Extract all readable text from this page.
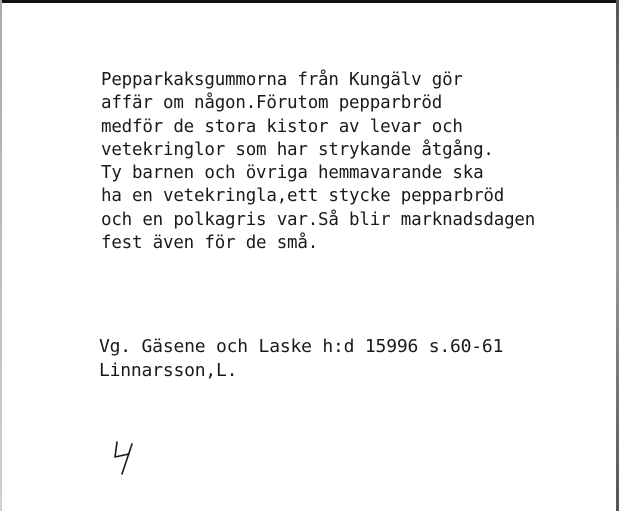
Pepparkaksgummorna från Kungälv gör
affär om någon.Förutom pepparbröd
medför de stora kistor av levar och
vetekringlor som har strykande åtgång.
Ty barnen och övriga hemmavarande ska
ha en vetekringla,ett stycke pepparbröd
och en polkagris var.Så blir marknadsdagen
fest även för de små.
Vg. Gäsene och Laske h:d 15996 s.60-61
Linnarsson,L.
